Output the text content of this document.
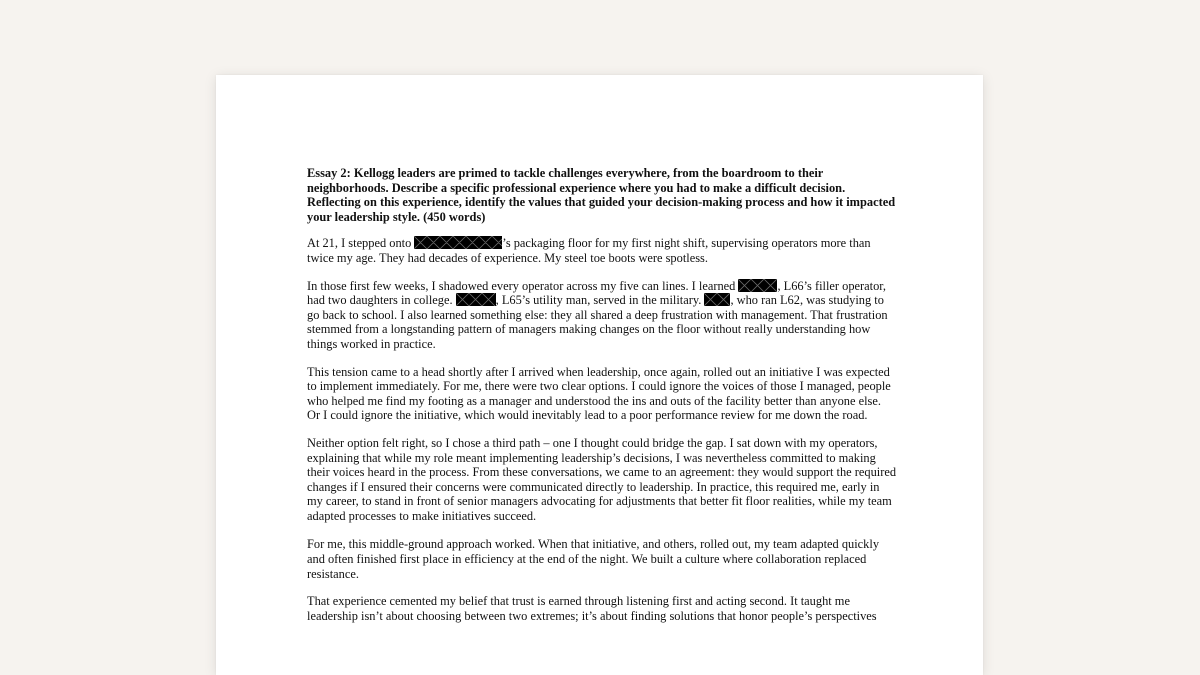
Essay 2: Kellogg leaders are primed to tackle challenges everywhere, from the boardroom to their neighborhoods. Describe a specific professional experience where you had to make a difficult decision. Reflecting on this experience, identify the values that guided your decision-making process and how it impacted your leadership style. (450 words)

At 21, I stepped onto	’s packaging floor for my first night shift, supervising operators more than twice my age. They had decades of experience. My steel toe boots were spotless.

In those first few weeks, I shadowed every operator across my five can lines. I learned	, L66’s filler operator, had two daughters in college.	, L65’s utility man, served in the military.
, who ran L62, was studying to go back to school. I also learned something else: they all shared a deep frustration with management. That frustration stemmed from a longstanding pattern of managers making changes on the floor without really understanding how things worked in practice.

This tension came to a head shortly after I arrived when leadership, once again, rolled out an initiative I was expected to implement immediately. For me, there were two clear options. I could ignore the voices of those I managed, people who helped me find my footing as a manager and understood the ins and outs of the facility better than anyone else. Or I could ignore the initiative, which would inevitably lead to a poor performance review for me down the road.

Neither option felt right, so I chose a third path – one I thought could bridge the gap. I sat down with my operators, explaining that while my role meant implementing leadership’s decisions, I was nevertheless committed to making their voices heard in the process. From these conversations, we came to an agreement: they would support the required changes if I ensured their concerns were communicated directly to leadership. In practice, this required me, early in my career, to stand in front of senior managers advocating for adjustments that better fit floor realities, while my team adapted processes to make initiatives succeed.

For me, this middle-ground approach worked. When that initiative, and others, rolled out, my team adapted quickly and often finished first place in efficiency at the end of the night. We built a culture where collaboration replaced resistance.

That experience cemented my belief that trust is earned through listening first and acting second. It taught me leadership isn’t about choosing between two extremes; it’s about finding solutions that honor people’s perspectives
